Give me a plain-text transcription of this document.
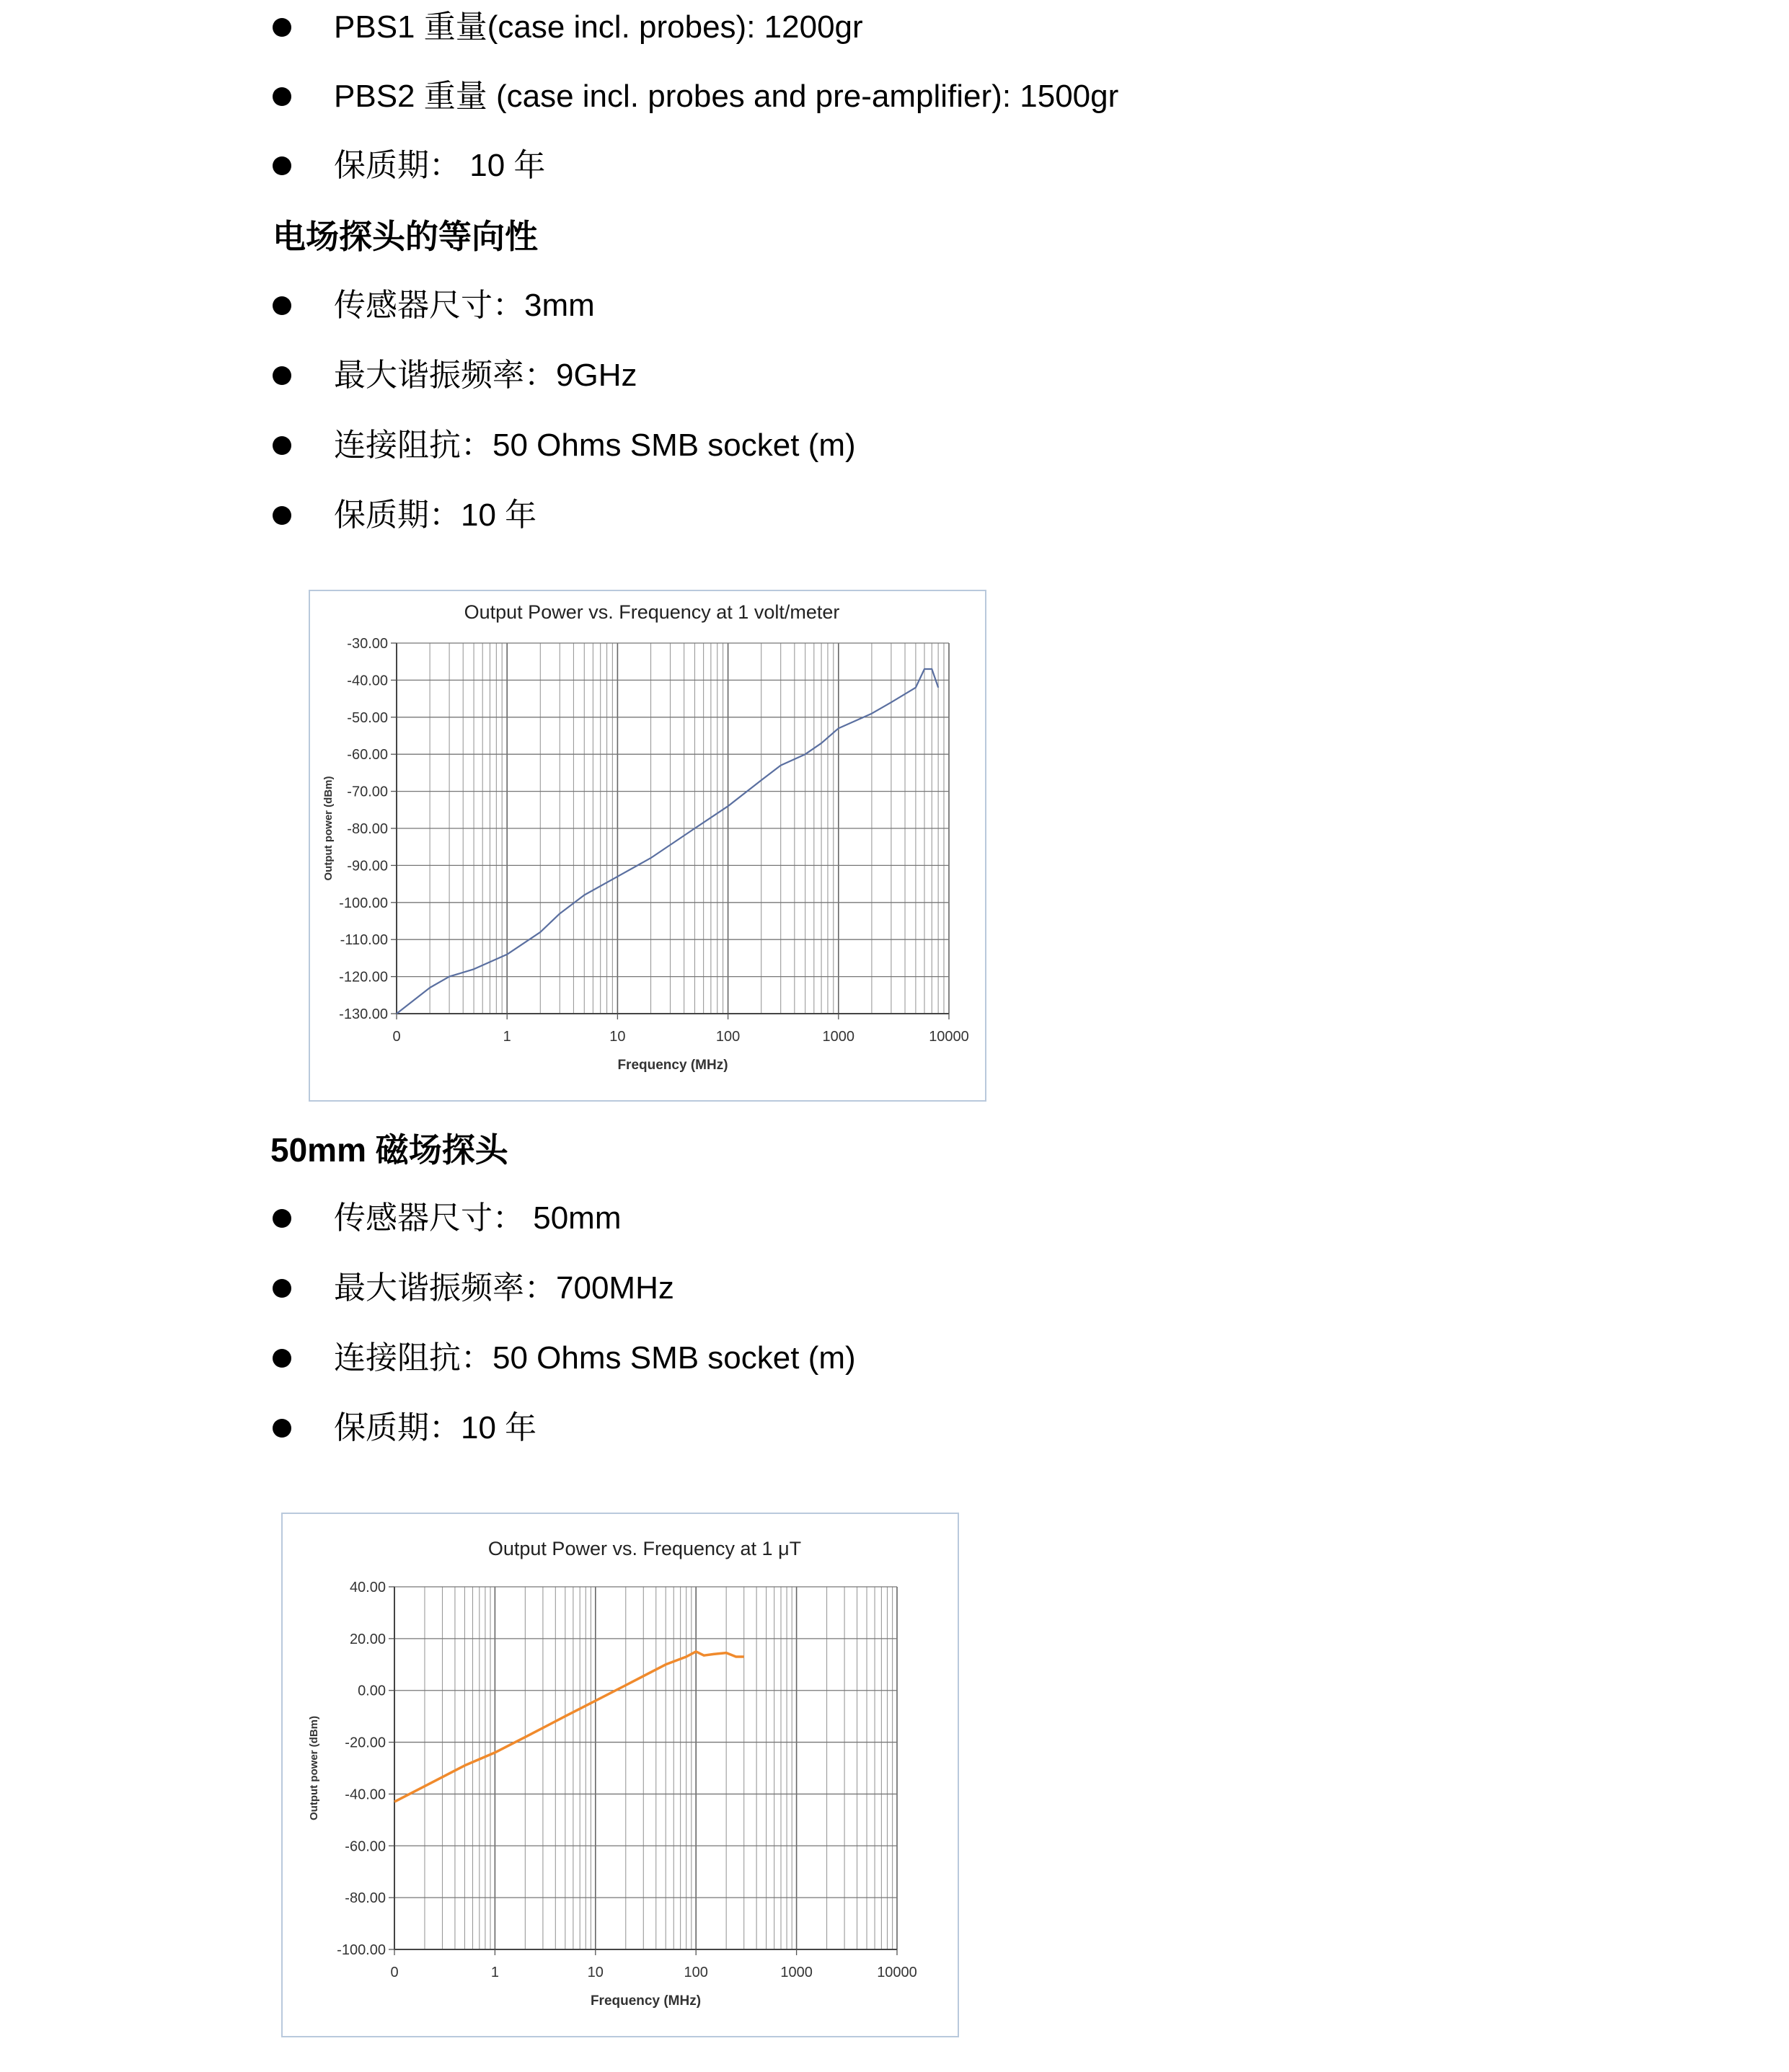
PBS1 重量(case incl. probes): 1200gr
PBS2 重量 (case incl. probes and pre-amplifier): 1500gr
保质期： 10 年
电场探头的等向性
传感器尺寸：3mm
最大谐振频率：9GHz
连接阻抗：50 Ohms SMB socket (m)
保质期：10 年
Output Power vs. Frequency at 1 volt/meter
-30.00
-40.00
-50.00
-60.00
-70.00
-80.00
-90.00
-100.00
-110.00
-120.00
-130.00
0	1	10	100	1000	10000
Frequency (MHz)
Output power (dBm)
50mm 磁场探头
传感器尺寸： 50mm
最大谐振频率：700MHz
连接阻抗：50 Ohms SMB socket (m)
保质期：10 年
Output Power vs. Frequency at 1 μT
40.00
20.00
0.00
-20.00
-40.00
-60.00
-80.00
-100.00
0	1	10	100	1000	10000
Frequency (MHz)
Output power (dBm)
